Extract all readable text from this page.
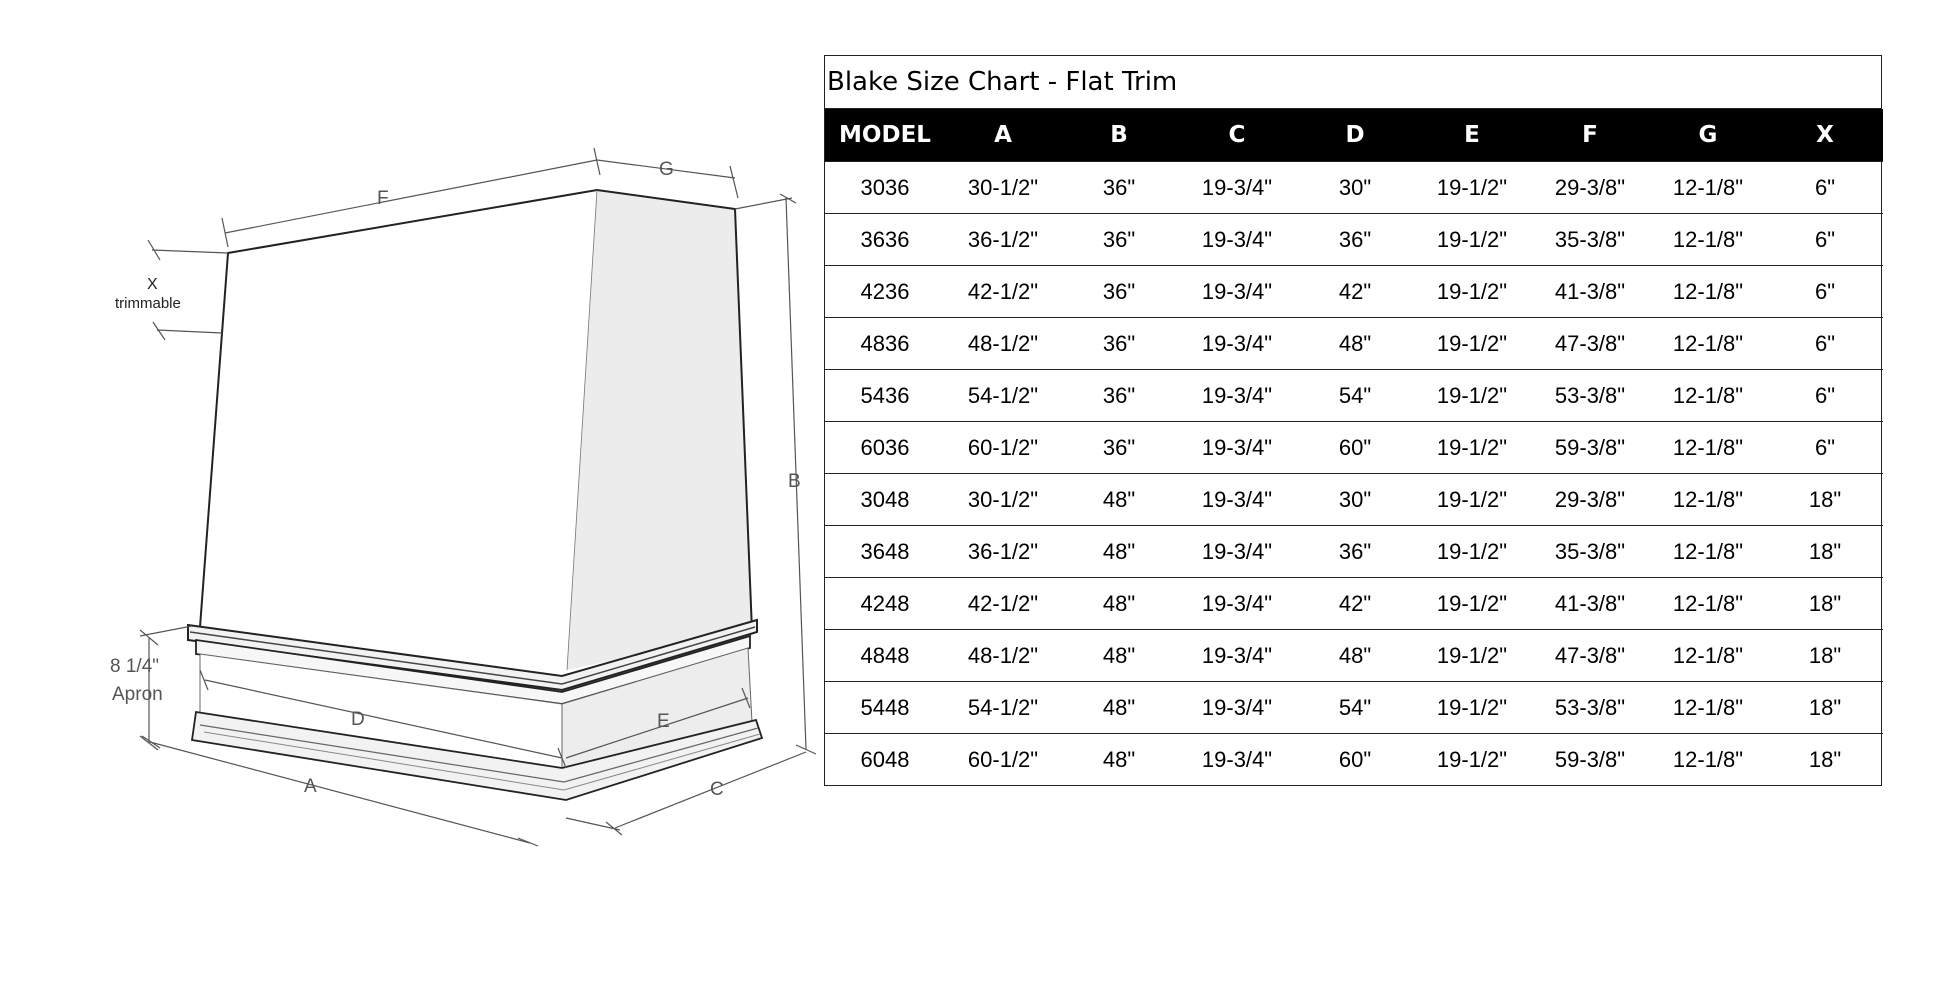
F
G
B
X
trimmable
8 1/4"
Apron
D	E
A	C
Blake Size Chart - Flat Trim
MODEL	A	B	C	D	E	F	G	X
3036	30-1/2"	36"	19-3/4"	30"	19-1/2"	29-3/8"	12-1/8"	6"
3636	36-1/2"	36"	19-3/4"	36"	19-1/2"	35-3/8"	12-1/8"	6"
4236	42-1/2"	36"	19-3/4"	42"	19-1/2"	41-3/8"	12-1/8"	6"
4836	48-1/2"	36"	19-3/4"	48"	19-1/2"	47-3/8"	12-1/8"	6"
5436	54-1/2"	36"	19-3/4"	54"	19-1/2"	53-3/8"	12-1/8"	6"
6036	60-1/2"	36"	19-3/4"	60"	19-1/2"	59-3/8"	12-1/8"	6"
3048	30-1/2"	48"	19-3/4"	30"	19-1/2"	29-3/8"	12-1/8"	18"
3648	36-1/2"	48"	19-3/4"	36"	19-1/2"	35-3/8"	12-1/8"	18"
4248	42-1/2"	48"	19-3/4"	42"	19-1/2"	41-3/8"	12-1/8"	18"
4848	48-1/2"	48"	19-3/4"	48"	19-1/2"	47-3/8"	12-1/8"	18"
5448	54-1/2"	48"	19-3/4"	54"	19-1/2"	53-3/8"	12-1/8"	18"
6048	60-1/2"	48"	19-3/4"	60"	19-1/2"	59-3/8"	12-1/8"	18"
